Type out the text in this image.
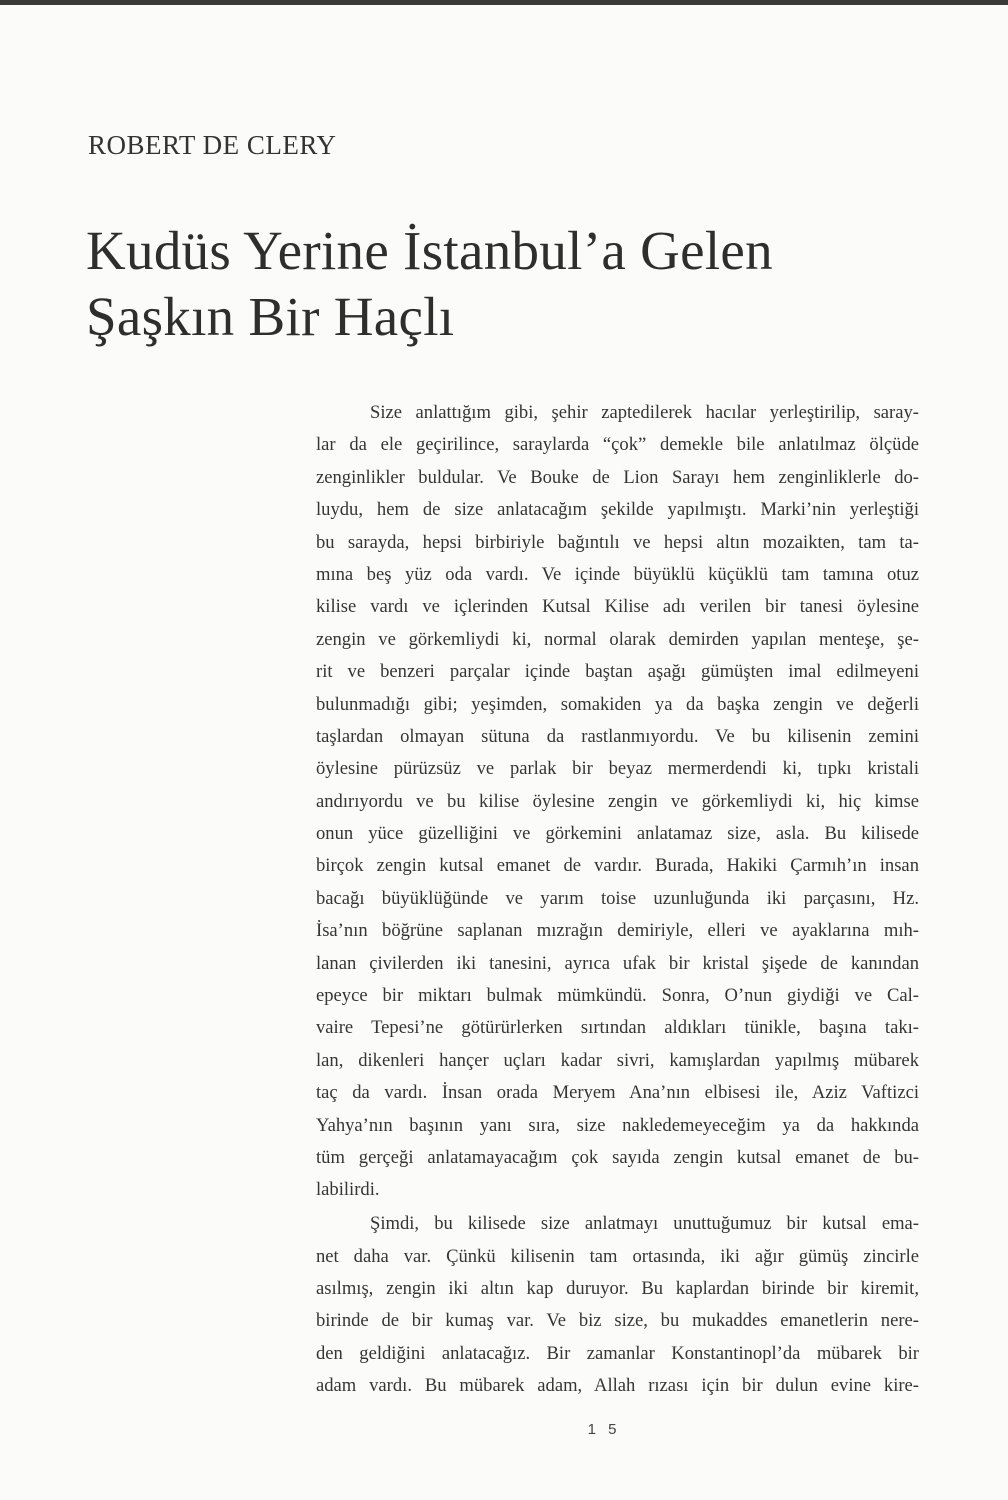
ROBERT DE CLERY
Kudüs Yerine İstanbul’a Gelen
Şaşkın Bir Haçlı
Size anlattığım gibi, şehir zaptedilerek hacılar yerleştirilip, saray-
lar da ele geçirilince, saraylarda “çok” demekle bile anlatılmaz ölçüde
zenginlikler buldular. Ve Bouke de Lion Sarayı hem zenginliklerle do-
luydu, hem de size anlatacağım şekilde yapılmıştı. Marki’nin yerleştiği
bu sarayda, hepsi birbiriyle bağıntılı ve hepsi altın mozaikten, tam ta-
mına beş yüz oda vardı. Ve içinde büyüklü küçüklü tam tamına otuz
kilise vardı ve içlerinden Kutsal Kilise adı verilen bir tanesi öylesine
zengin ve görkemliydi ki, normal olarak demirden yapılan menteşe, şe-
rit ve benzeri parçalar içinde baştan aşağı gümüşten imal edilmeyeni
bulunmadığı gibi; yeşimden, somakiden ya da başka zengin ve değerli
taşlardan olmayan sütuna da rastlanmıyordu. Ve bu kilisenin zemini
öylesine pürüzsüz ve parlak bir beyaz mermerdendi ki, tıpkı kristali
andırıyordu ve bu kilise öylesine zengin ve görkemliydi ki, hiç kimse
onun yüce güzelliğini ve görkemini anlatamaz size, asla. Bu kilisede
birçok zengin kutsal emanet de vardır. Burada, Hakiki Çarmıh’ın insan
bacağı büyüklüğünde ve yarım toise uzunluğunda iki parçasını, Hz.
İsa’nın böğrüne saplanan mızrağın demiriyle, elleri ve ayaklarına mıh-
lanan çivilerden iki tanesini, ayrıca ufak bir kristal şişede de kanından
epeyce bir miktarı bulmak mümkündü. Sonra, O’nun giydiği ve Cal-
vaire Tepesi’ne götürürlerken sırtından aldıkları tünikle, başına takı-
lan, dikenleri hançer uçları kadar sivri, kamışlardan yapılmış mübarek
taç da vardı. İnsan orada Meryem Ana’nın elbisesi ile, Aziz Vaftizci
Yahya’nın başının yanı sıra, size nakledemeyeceğim ya da hakkında
tüm gerçeği anlatamayacağım çok sayıda zengin kutsal emanet de bu-
labilirdi.
Şimdi, bu kilisede size anlatmayı unuttuğumuz bir kutsal ema-
net daha var. Çünkü kilisenin tam ortasında, iki ağır gümüş zincirle
asılmış, zengin iki altın kap duruyor. Bu kaplardan birinde bir kiremit,
birinde de bir kumaş var. Ve biz size, bu mukaddes emanetlerin nere-
den geldiğini anlatacağız. Bir zamanlar Konstantinopl’da mübarek bir
adam vardı. Bu mübarek adam, Allah rızası için bir dulun evine kire-
1 5
